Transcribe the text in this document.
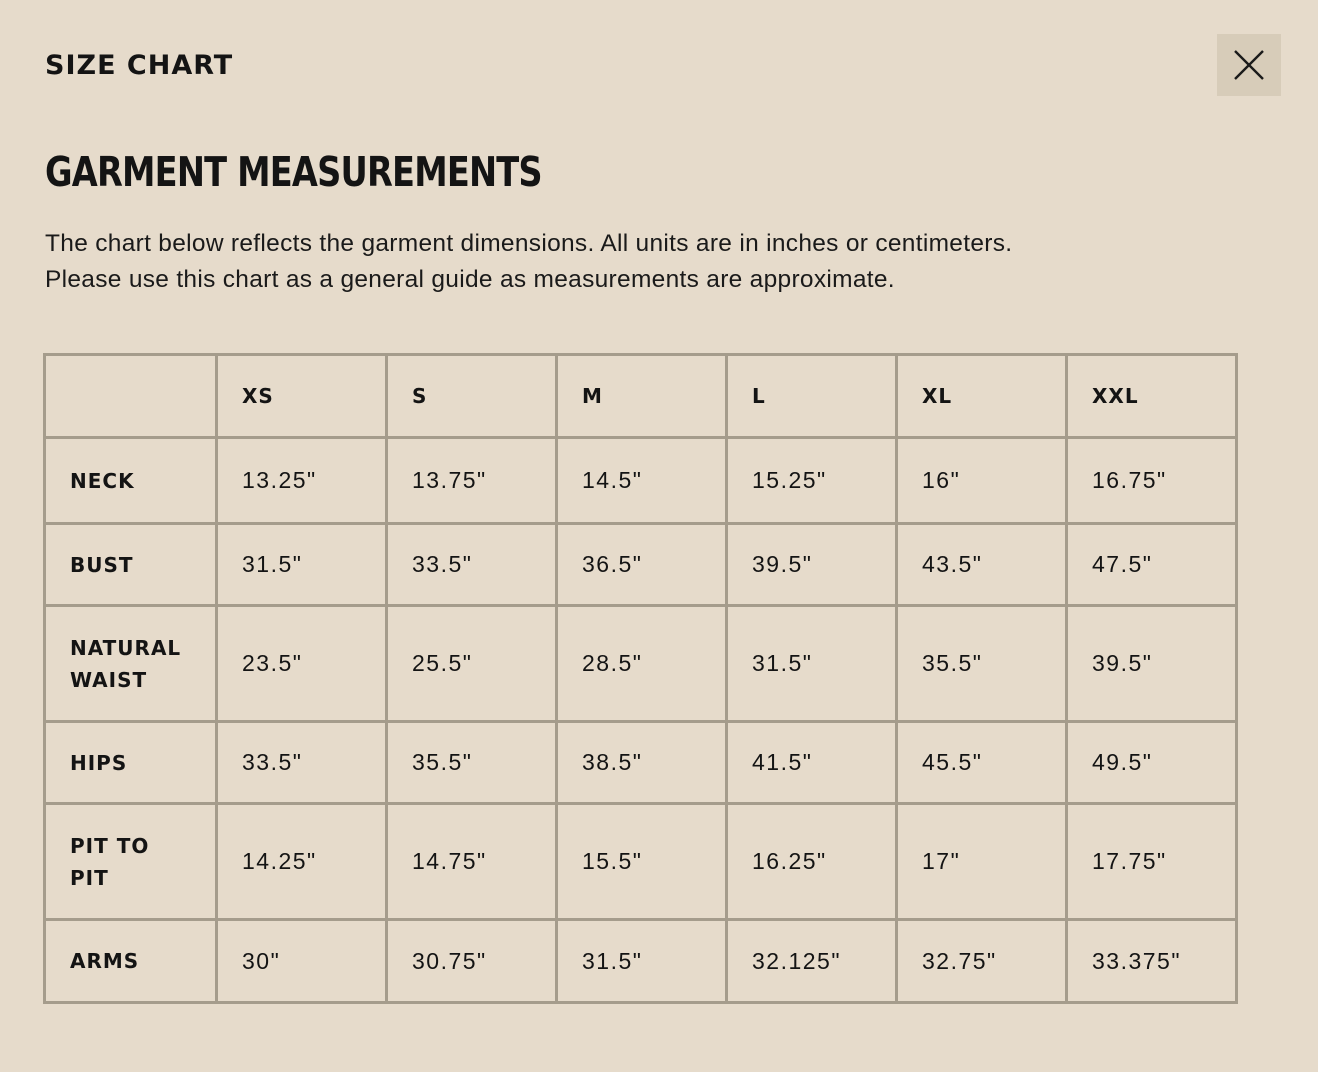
SIZE CHART
GARMENT MEASUREMENTS

The chart below reflects the garment dimensions. All units are in inches or centimeters.
Please use this chart as a general guide as measurements are approximate.

	XS	S	M	L	XL	XXL
NECK	13.25"	13.75"	14.5"	15.25"	16"	16.75"
BUST	31.5"	33.5"	36.5"	39.5"	43.5"	47.5"

NATURAL
WAIST	23.5"	25.5"	28.5"	31.5"	35.5"	39.5"
HIPS	33.5"	35.5"	38.5"	41.5"	45.5"	49.5"

PIT TO
PIT	14.25"	14.75"	15.5"	16.25"	17"	17.75"
ARMS	30"	30.75"	31.5"	32.125"	32.75"	33.375"
